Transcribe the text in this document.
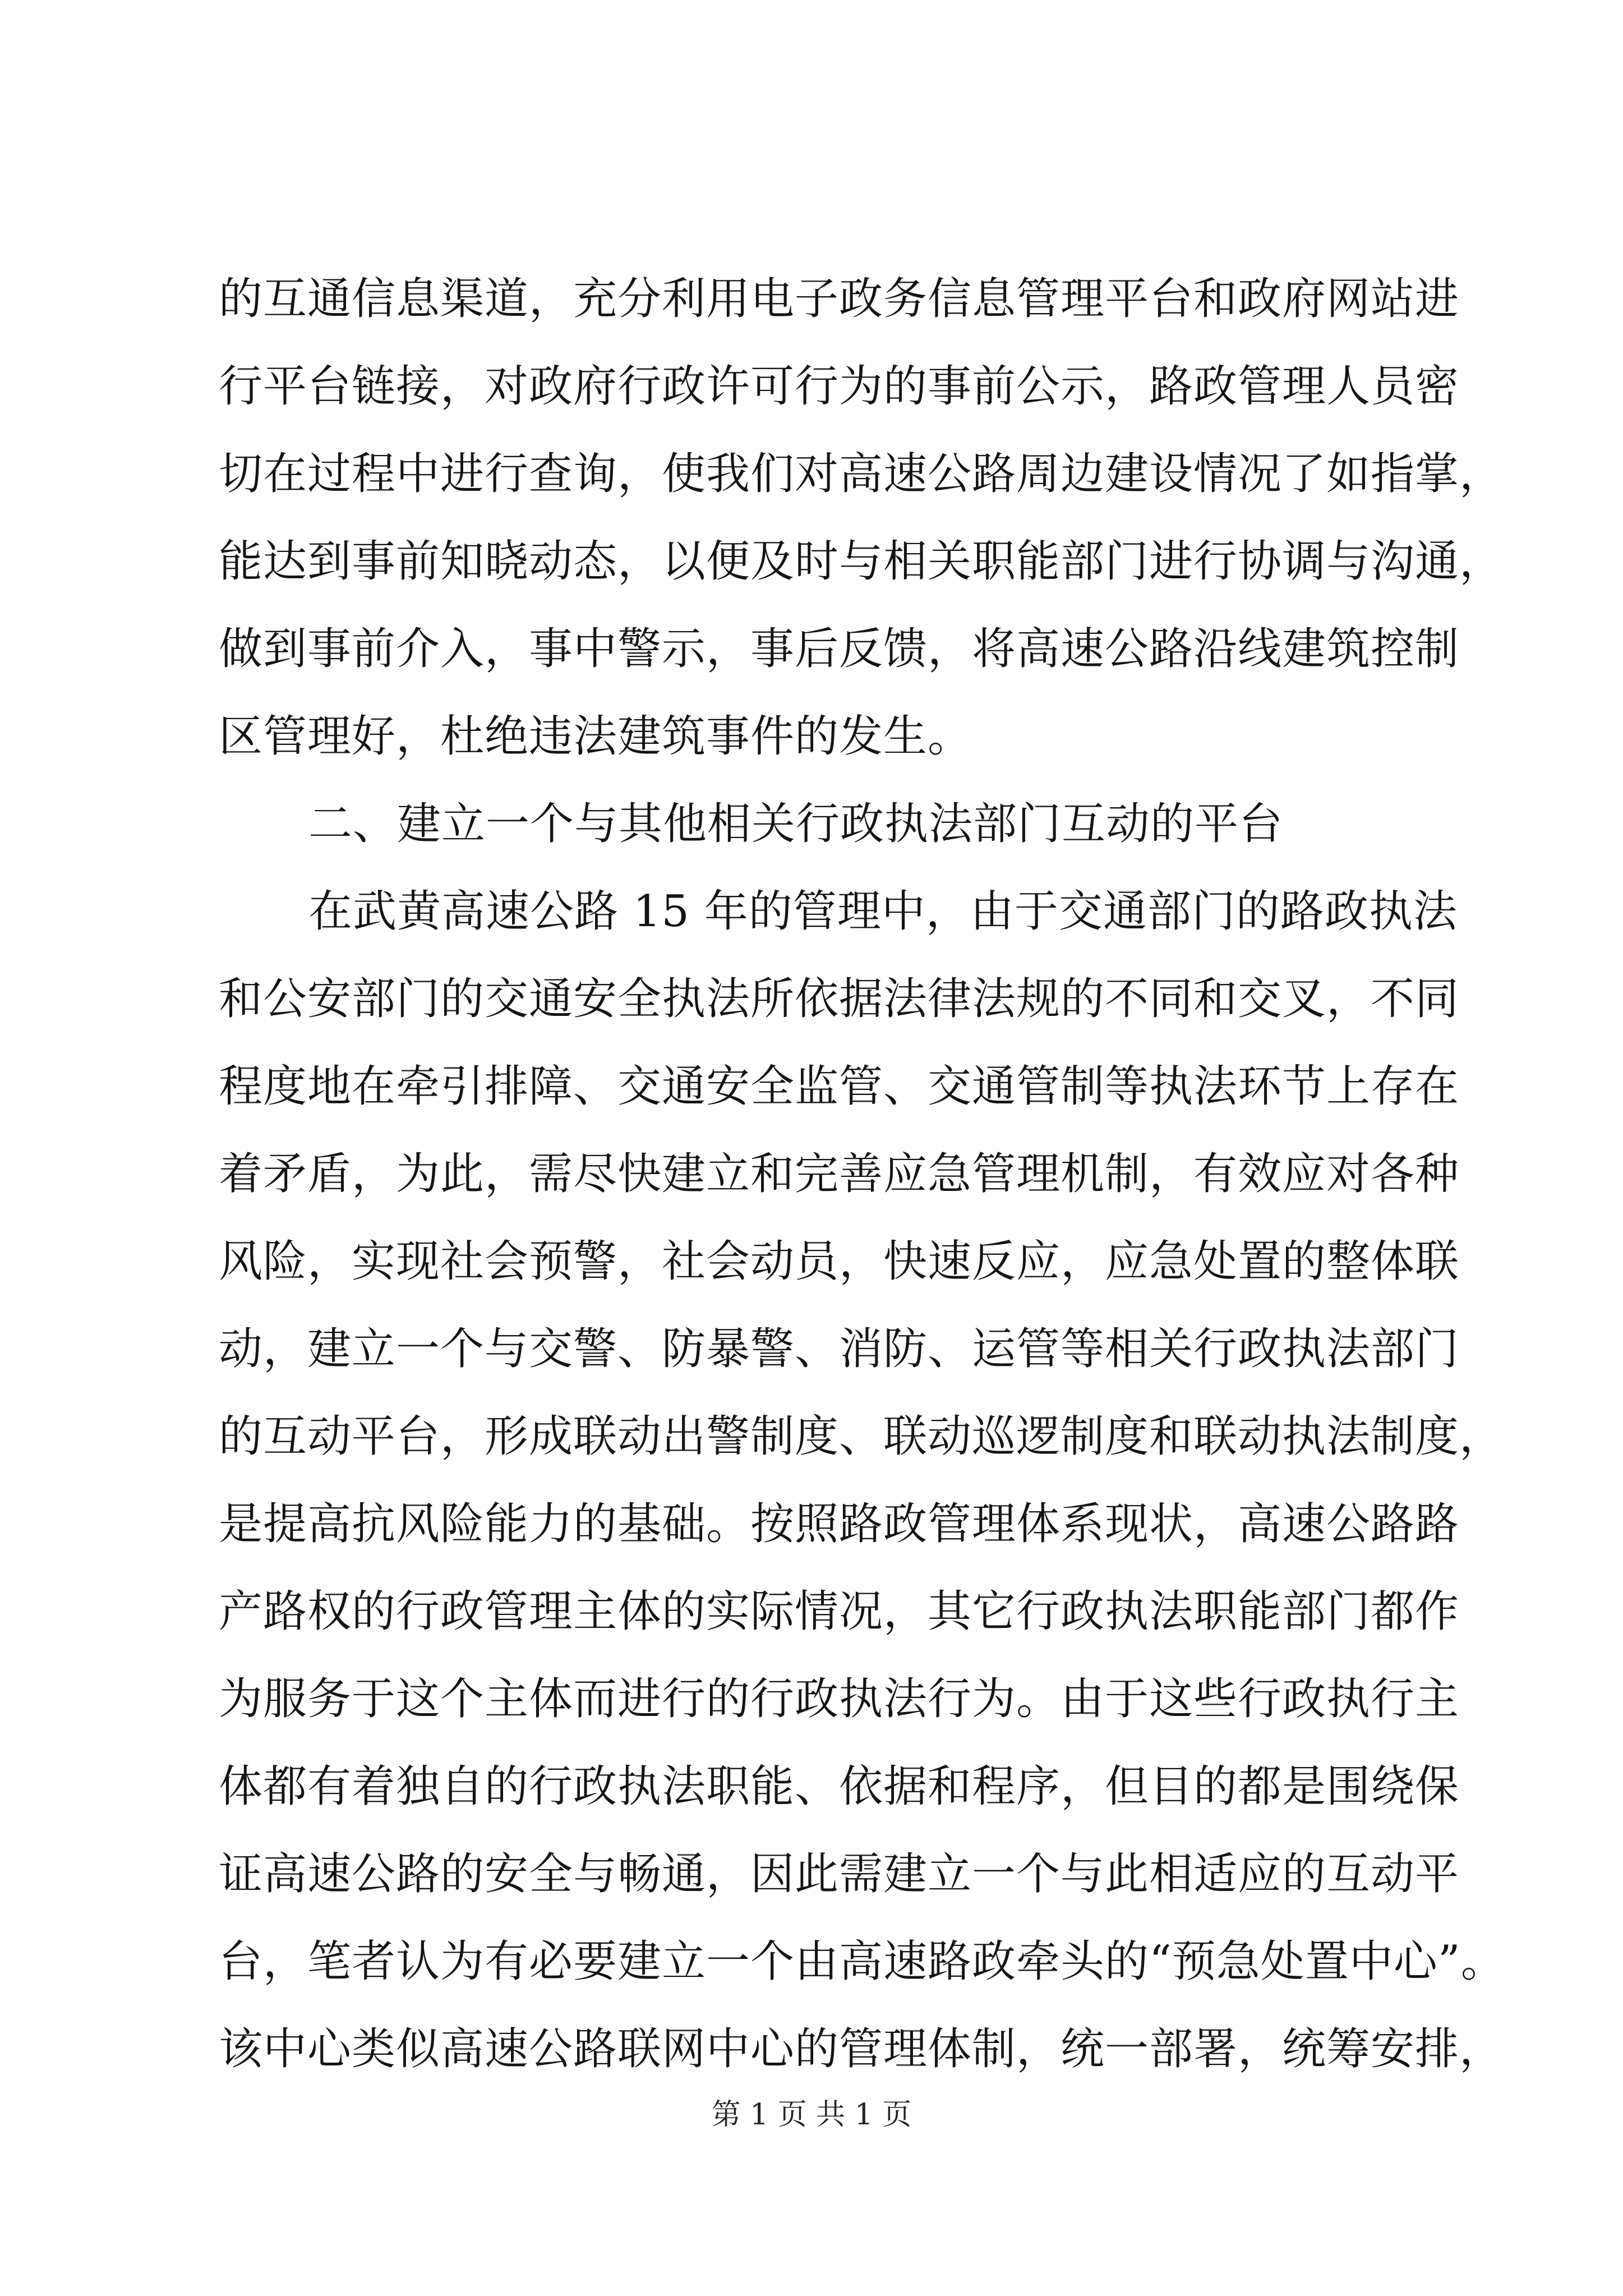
的互通信息渠道，充分利用电子政务信息管理平台和政府网站进
行平台链接，对政府行政许可行为的事前公示，路政管理人员密
切在过程中进行查询，使我们对高速公路周边建设情况了如指掌，
能达到事前知晓动态，以便及时与相关职能部门进行协调与沟通，
做到事前介入，事中警示，事后反馈，将高速公路沿线建筑控制
区管理好，杜绝违法建筑事件的发生。
二、建立一个与其他相关行政执法部门互动的平台
在武黄高速公路 15 年的管理中，由于交通部门的路政执法
和公安部门的交通安全执法所依据法律法规的不同和交叉，不同
程度地在牵引排障、交通安全监管、交通管制等执法环节上存在
着矛盾，为此，需尽快建立和完善应急管理机制，有效应对各种
风险，实现社会预警，社会动员，快速反应，应急处置的整体联
动，建立一个与交警、防暴警、消防、运管等相关行政执法部门
的互动平台，形成联动出警制度、联动巡逻制度和联动执法制度，
是提高抗风险能力的基础。按照路政管理体系现状，高速公路路
产路权的行政管理主体的实际情况，其它行政执法职能部门都作
为服务于这个主体而进行的行政执法行为。由于这些行政执行主
体都有着独自的行政执法职能、依据和程序，但目的都是围绕保
证高速公路的安全与畅通，因此需建立一个与此相适应的互动平
台，笔者认为有必要建立一个由高速路政牵头的“预急处置中心”。
该中心类似高速公路联网中心的管理体制，统一部署，统筹安排，
第 1 页 共 1 页
